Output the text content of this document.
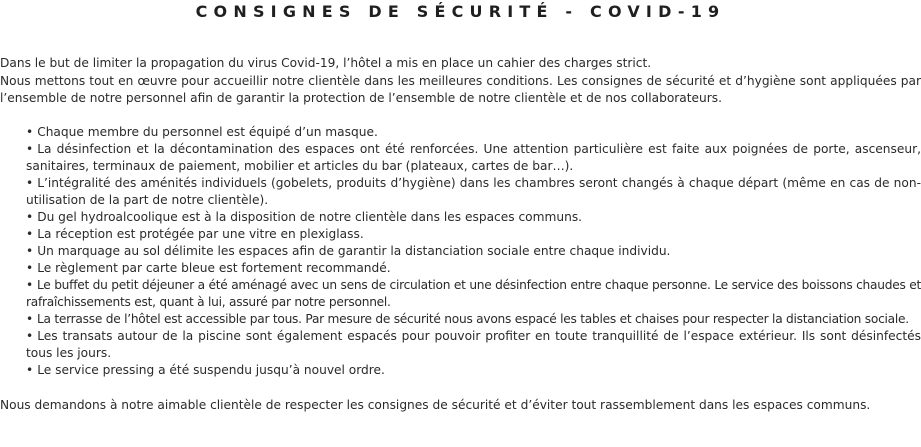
CONSIGNES DE SÉCURITÉ - COVID-19

Dans le but de limiter la propagation du virus Covid-19, l’hôtel a mis en place un cahier des charges strict.

Nous mettons tout en œuvre pour accueillir notre clientèle dans les meilleures conditions. Les consignes de sécurité et d’hygiène sont appliquées par l’ensemble de notre personnel afin de garantir la protection de l’ensemble de notre clientèle et de nos collaborateurs.

• Chaque membre du personnel est équipé d’un masque.
• La désinfection et la décontamination des espaces ont été renforcées. Une attention particulière est faite aux poignées de porte, ascenseur, sanitaires, terminaux de paiement, mobilier et articles du bar (plateaux, cartes de bar…).
• L’intégralité des aménités individuels (gobelets, produits d’hygiène) dans les chambres seront changés à chaque départ (même en cas de non-utilisation de la part de notre clientèle).
• Du gel hydroalcoolique est à la disposition de notre clientèle dans les espaces communs.
• La réception est protégée par une vitre en plexiglass.
• Un marquage au sol délimite les espaces afin de garantir la distanciation sociale entre chaque individu.
• Le règlement par carte bleue est fortement recommandé.
• Le buffet du petit déjeuner a été aménagé avec un sens de circulation et une désinfection entre chaque personne. Le service des boissons chaudes et rafraîchissements est, quant à lui, assuré par notre personnel.
• La terrasse de l’hôtel est accessible par tous. Par mesure de sécurité nous avons espacé les tables et chaises pour respecter la distanciation sociale.
• Les transats autour de la piscine sont également espacés pour pouvoir profiter en toute tranquillité de l’espace extérieur. Ils sont désinfectés tous les jours.
• Le service pressing a été suspendu jusqu’à nouvel ordre.

Nous demandons à notre aimable clientèle de respecter les consignes de sécurité et d’éviter tout rassemblement dans les espaces communs.
